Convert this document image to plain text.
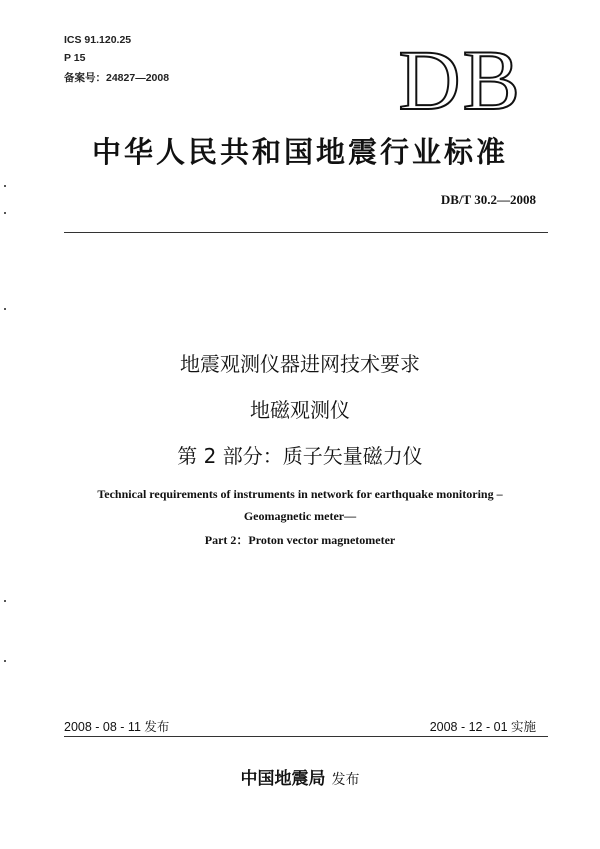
ICS 91.120.25
P 15
备案号：24827—2008	DB
中华人民共和国地震行业标准
DB/T 30.2—2008
地震观测仪器进网技术要求
地磁观测仪
第 2 部分：质子矢量磁力仪
Technical requirements of instruments in network for earthquake monitoring –
Geomagnetic meter—
Part 2：Proton vector magnetometer
2008 - 08 - 11 发布	2008 - 12 - 01 实施
中国地震局 发布
